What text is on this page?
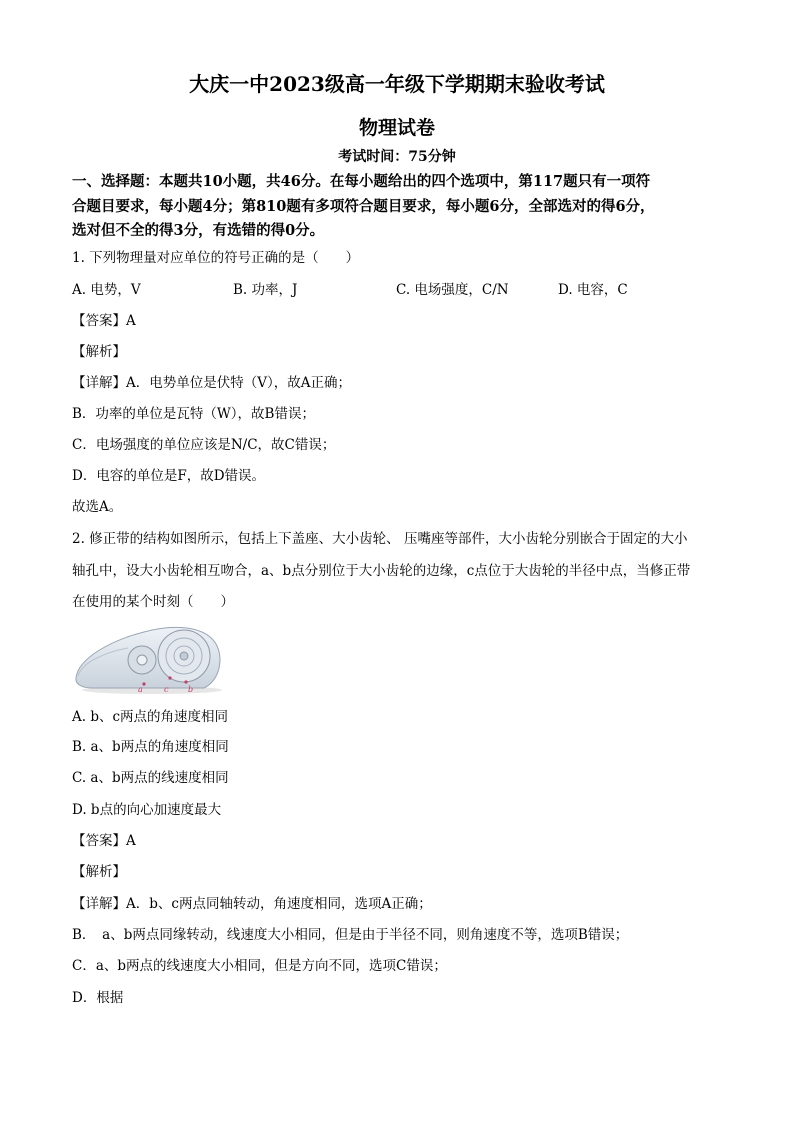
大庆一中2023级高一年级下学期期末验收考试
物理试卷
考试时间：75分钟
一、选择题：本题共10小题，共46分。在每小题给出的四个选项中，第117题只有一项符
合题目要求，每小题4分；第810题有多项符合题目要求，每小题6分，全部选对的得6分，
选对但不全的得3分，有选错的得0分。
1. 下列物理量对应单位的符号正确的是（　　）
A. 电势，V	B. 功率，J	C. 电场强度，C/N	D. 电容，C
【答案】A
【解析】
【详解】A．电势单位是伏特（V），故A正确；
B．功率的单位是瓦特（W），故B错误；
C．电场强度的单位应该是N/C，故C错误；
D．电容的单位是F，故D错误。
故选A。
2. 修正带的结构如图所示，包括上下盖座、大小齿轮、 压嘴座等部件，大小齿轮分别嵌合于固定的大小
轴孔中，设大小齿轮相互吻合，a、b点分别位于大小齿轮的边缘，c点位于大齿轮的半径中点，当修正带
在使用的某个时刻（　　）
a	c b
A. b、c两点的角速度相同
B. a、b两点的角速度相同
C. a、b两点的线速度相同
D. b点的向心加速度最大
【答案】A
【解析】
【详解】A．b、c两点同轴转动，角速度相同，选项A正确；
B．　a、b两点同缘转动，线速度大小相同，但是由于半径不同，则角速度不等，选项B错误；
C．a、b两点的线速度大小相同，但是方向不同，选项C错误；
D．根据
